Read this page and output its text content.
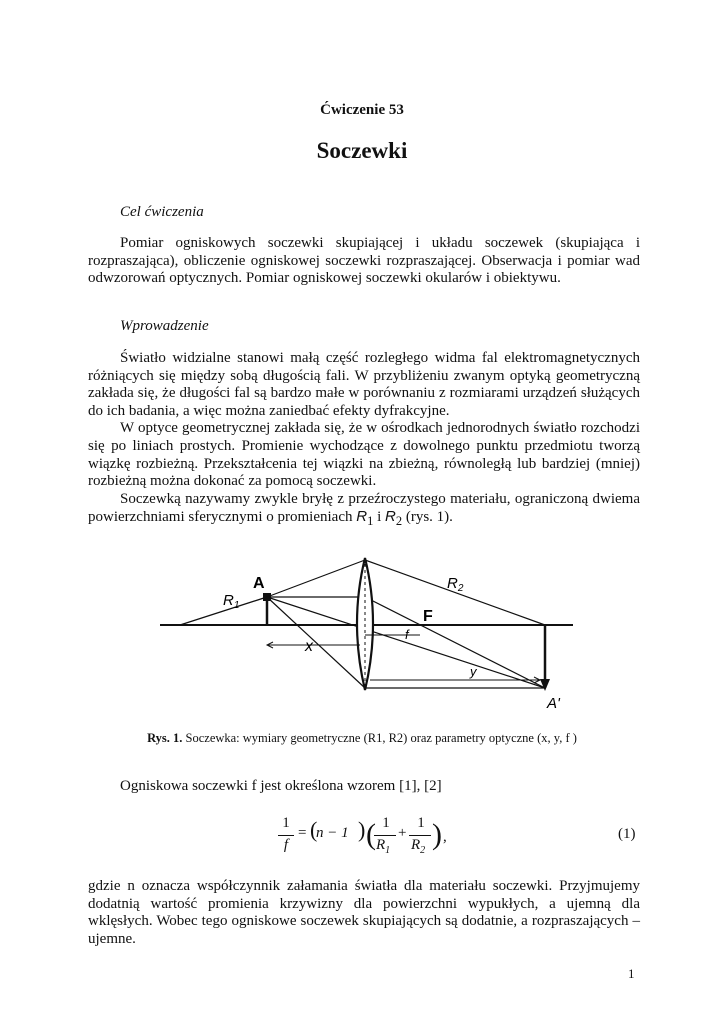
Ćwiczenie 53
Soczewki
Cel ćwiczenia
Pomiar ogniskowych soczewki skupiającej i układu soczewek (skupiająca i rozpraszająca), obliczenie ogniskowej soczewki rozpraszającej. Obserwacja i pomiar wad odwzorowań optycznych. Pomiar ogniskowej soczewki okularów i obiektywu.
Wprowadzenie

Światło widzialne stanowi małą część rozległego widma fal elektromagnetycznych różniących się między sobą długością fali. W przybliżeniu zwanym optyką geometryczną zakłada się, że długości fal są bardzo małe w porównaniu z rozmiarami urządzeń służących do ich badania, a więc można zaniedbać efekty dyfrakcyjne.

W optyce geometrycznej zakłada się, że w ośrodkach jednorodnych światło rozchodzi się po liniach prostych. Promienie wychodzące z dowolnego punktu przedmiotu tworzą wiązkę rozbieżną. Przekształcenia tej wiązki na zbieżną, równoległą lub bardziej (mniej) rozbieżną można dokonać za pomocą soczewki.

Soczewką nazywamy zwykle bryłę z przeźroczystego materiału, ograniczoną dwiema powierzchniami sferycznymi o promieniach $R_1$ i $R_2$ (rys. 1).

A
A'
F
$R_1$
$R_2$
f
x
y
Rys. 1. Soczewka: wymiary geometryczne (R1, R2) oraz parametry optyczne (x, y, f )
Ogniskowa soczewki f jest określona wzorem [1], [2]
1
f
= (
n − 1 ) ( 1
$R_1$
+
1
$R_2$ ) ,	(1)
gdzie n oznacza współczynnik załamania światła dla materiału soczewki. Przyjmujemy dodatnią wartość promienia krzywizny dla powierzchni wypukłych, a ujemną dla wklęsłych. Wobec tego ogniskowe soczewek skupiających są dodatnie, a rozpraszających – ujemne.
1
